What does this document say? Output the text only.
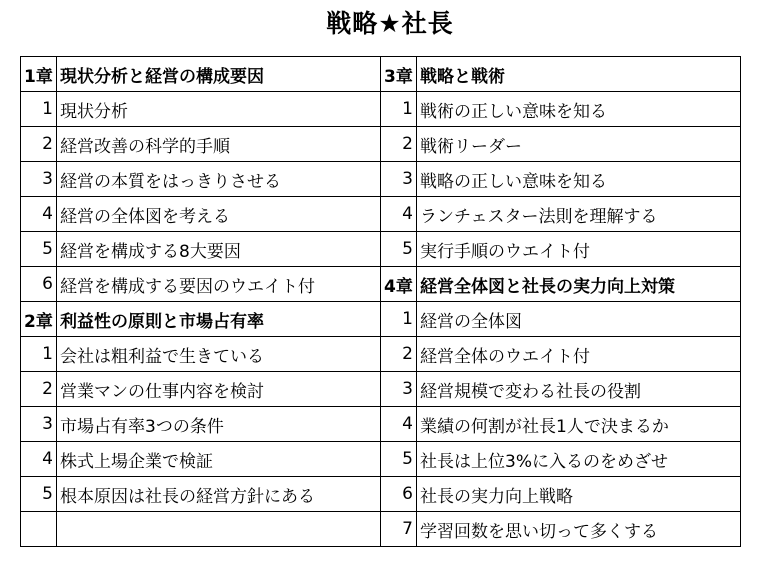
戦略★社長
1章	現状分析と経営の構成要因	3章	戦略と戦術
1	現状分析	1	戦術の正しい意味を知る
2	経営改善の科学的手順	2	戦術リーダー
3	経営の本質をはっきりさせる	3	戦略の正しい意味を知る
4	経営の全体図を考える	4	ランチェスター法則を理解する
5	経営を構成する8大要因	5	実行手順のウエイト付
6	経営を構成する要因のウエイト付	4章	経営全体図と社長の実力向上対策
2章	利益性の原則と市場占有率	1	経営の全体図
1	会社は粗利益で生きている	2	経営全体のウエイト付
2	営業マンの仕事内容を検討	3	経営規模で変わる社長の役割
3	市場占有率3つの条件	4	業績の何割が社長1人で決まるか
4	株式上場企業で検証	5	社長は上位3%に入るのをめざせ
5	根本原因は社長の経営方針にある	6	社長の実力向上戦略
		7	学習回数を思い切って多くする
